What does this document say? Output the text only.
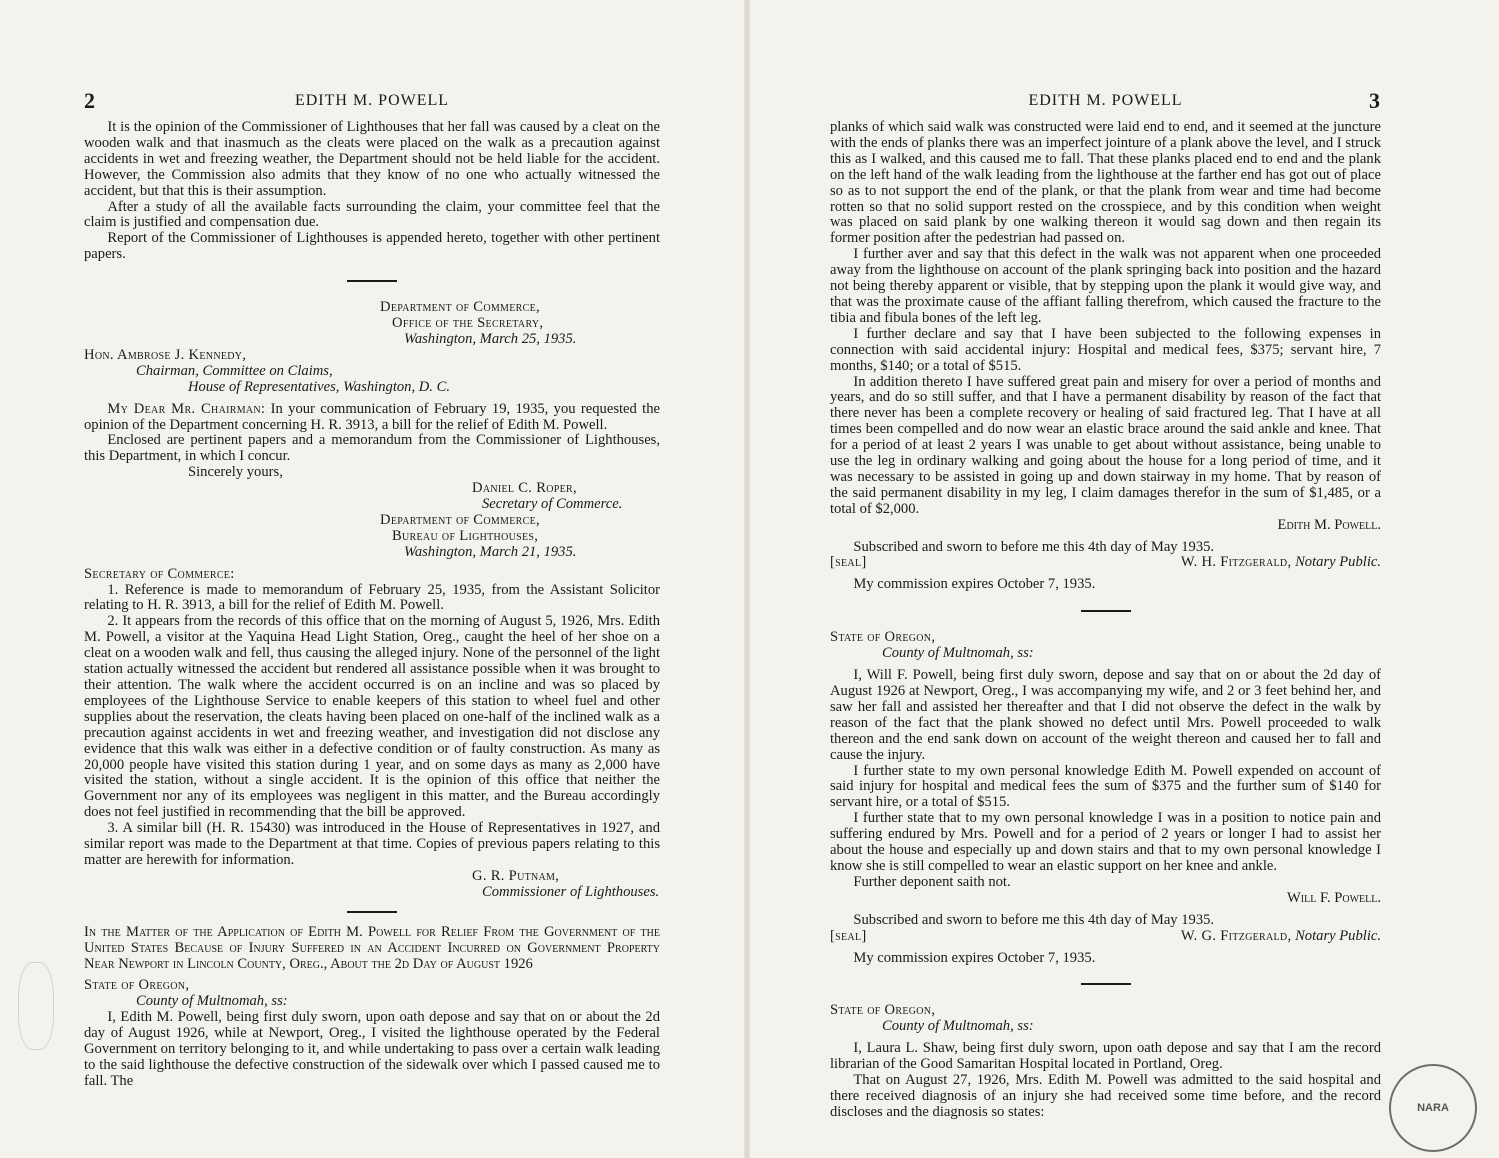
2	EDITH M. POWELL

It is the opinion of the Commissioner of Lighthouses that her fall was caused by a cleat on the wooden walk and that inasmuch as the cleats were placed on the walk as a precaution against accidents in wet and freezing weather, the Department should not be held liable for the accident. However, the Commission also admits that they know of no one who actually witnessed the accident, but that this is their assumption.

After a study of all the available facts surrounding the claim, your committee feel that the claim is justified and compensation due.

Report of the Commissioner of Lighthouses is appended hereto, together with other pertinent papers.

Department of Commerce,
Office of the Secretary,
Washington, March 25, 1935.
Hon. Ambrose J. Kennedy,
Chairman, Committee on Claims,
House of Representatives, Washington, D. C.

My Dear Mr. Chairman: In your communication of February 19, 1935, you requested the opinion of the Department concerning H. R. 3913, a bill for the relief of Edith M. Powell.

Enclosed are pertinent papers and a memorandum from the Commissioner of Lighthouses, this Department, in which I concur.

Sincerely yours,
Daniel C. Roper,
Secretary of Commerce.
Department of Commerce,
Bureau of Lighthouses,
Washington, March 21, 1935.
Secretary of Commerce:

1. Reference is made to memorandum of February 25, 1935, from the Assistant Solicitor relating to H. R. 3913, a bill for the relief of Edith M. Powell.

2. It appears from the records of this office that on the morning of August 5, 1926, Mrs. Edith M. Powell, a visitor at the Yaquina Head Light Station, Oreg., caught the heel of her shoe on a cleat on a wooden walk and fell, thus causing the alleged injury. None of the personnel of the light station actually witnessed the accident but rendered all assistance possible when it was brought to their attention. The walk where the accident occurred is on an incline and was so placed by employees of the Lighthouse Service to enable keepers of this station to wheel fuel and other supplies about the reservation, the cleats having been placed on one-half of the inclined walk as a precaution against accidents in wet and freezing weather, and investigation did not disclose any evidence that this walk was either in a defective condition or of faulty construction. As many as 20,000 people have visited this station during 1 year, and on some days as many as 2,000 have visited the station, without a single accident. It is the opinion of this office that neither the Government nor any of its employees was negligent in this matter, and the Bureau accordingly does not feel justified in recommending that the bill be approved.

3. A similar bill (H. R. 15430) was introduced in the House of Representatives in 1927, and similar report was made to the Department at that time. Copies of previous papers relating to this matter are herewith for information.

G. R. Putnam,
Commissioner of Lighthouses.
In the Matter of the Application of Edith M. Powell for Relief From the Government of the United States Because of Injury Suffered in an Accident Incurred on Government Property Near Newport in Lincoln County, Oreg., About the 2d Day of August 1926
State of Oregon,
County of Multnomah, ss:

I, Edith M. Powell, being first duly sworn, upon oath depose and say that on or about the 2d day of August 1926, while at Newport, Oreg., I visited the lighthouse operated by the Federal Government on territory belonging to it, and while undertaking to pass over a certain walk leading to the said lighthouse the defective construction of the sidewalk over which I passed caused me to fall. The

EDITH M. POWELL	3

planks of which said walk was constructed were laid end to end, and it seemed at the juncture with the ends of planks there was an imperfect jointure of a plank above the level, and I struck this as I walked, and this caused me to fall. That these planks placed end to end and the plank on the left hand of the walk leading from the lighthouse at the farther end has got out of place so as to not support the end of the plank, or that the plank from wear and time had become rotten so that no solid support rested on the crosspiece, and by this condition when weight was placed on said plank by one walking thereon it would sag down and then regain its former position after the pedestrian had passed on.

I further aver and say that this defect in the walk was not apparent when one proceeded away from the lighthouse on account of the plank springing back into position and the hazard not being thereby apparent or visible, that by stepping upon the plank it would give way, and that was the proximate cause of the affiant falling therefrom, which caused the fracture to the tibia and fibula bones of the left leg.

I further declare and say that I have been subjected to the following expenses in connection with said accidental injury: Hospital and medical fees, $375; servant hire, 7 months, $140; or a total of $515.

In addition thereto I have suffered great pain and misery for over a period of months and years, and do so still suffer, and that I have a permanent disability by reason of the fact that there never has been a complete recovery or healing of said fractured leg. That I have at all times been compelled and do now wear an elastic brace around the said ankle and knee. That for a period of at least 2 years I was unable to get about without assistance, being unable to use the leg in ordinary walking and going about the house for a long period of time, and it was necessary to be assisted in going up and down stairway in my home. That by reason of the said permanent disability in my leg, I claim damages therefor in the sum of $1,485, or a total of $2,000.

Edith M. Powell.

Subscribed and sworn to before me this 4th day of May 1935.

[seal]	W. H. Fitzgerald, Notary Public.

My commission expires October 7, 1935.

State of Oregon,
County of Multnomah, ss:

I, Will F. Powell, being first duly sworn, depose and say that on or about the 2d day of August 1926 at Newport, Oreg., I was accompanying my wife, and 2 or 3 feet behind her, and saw her fall and assisted her thereafter and that I did not observe the defect in the walk by reason of the fact that the plank showed no defect until Mrs. Powell proceeded to walk thereon and the end sank down on account of the weight thereon and caused her to fall and cause the injury.

I further state to my own personal knowledge Edith M. Powell expended on account of said injury for hospital and medical fees the sum of $375 and the further sum of $140 for servant hire, or a total of $515.

I further state that to my own personal knowledge I was in a position to notice pain and suffering endured by Mrs. Powell and for a period of 2 years or longer I had to assist her about the house and especially up and down stairs and that to my own personal knowledge I know she is still compelled to wear an elastic support on her knee and ankle.

Further deponent saith not.

Will F. Powell.

Subscribed and sworn to before me this 4th day of May 1935.

[seal]	W. G. Fitzgerald, Notary Public.

My commission expires October 7, 1935.

State of Oregon,
County of Multnomah, ss:

I, Laura L. Shaw, being first duly sworn, upon oath depose and say that I am the record librarian of the Good Samaritan Hospital located in Portland, Oreg.

That on August 27, 1926, Mrs. Edith M. Powell was admitted to the said hospital and there received diagnosis of an injury she had received some time before, and the record discloses and the diagnosis so states:	NARA
